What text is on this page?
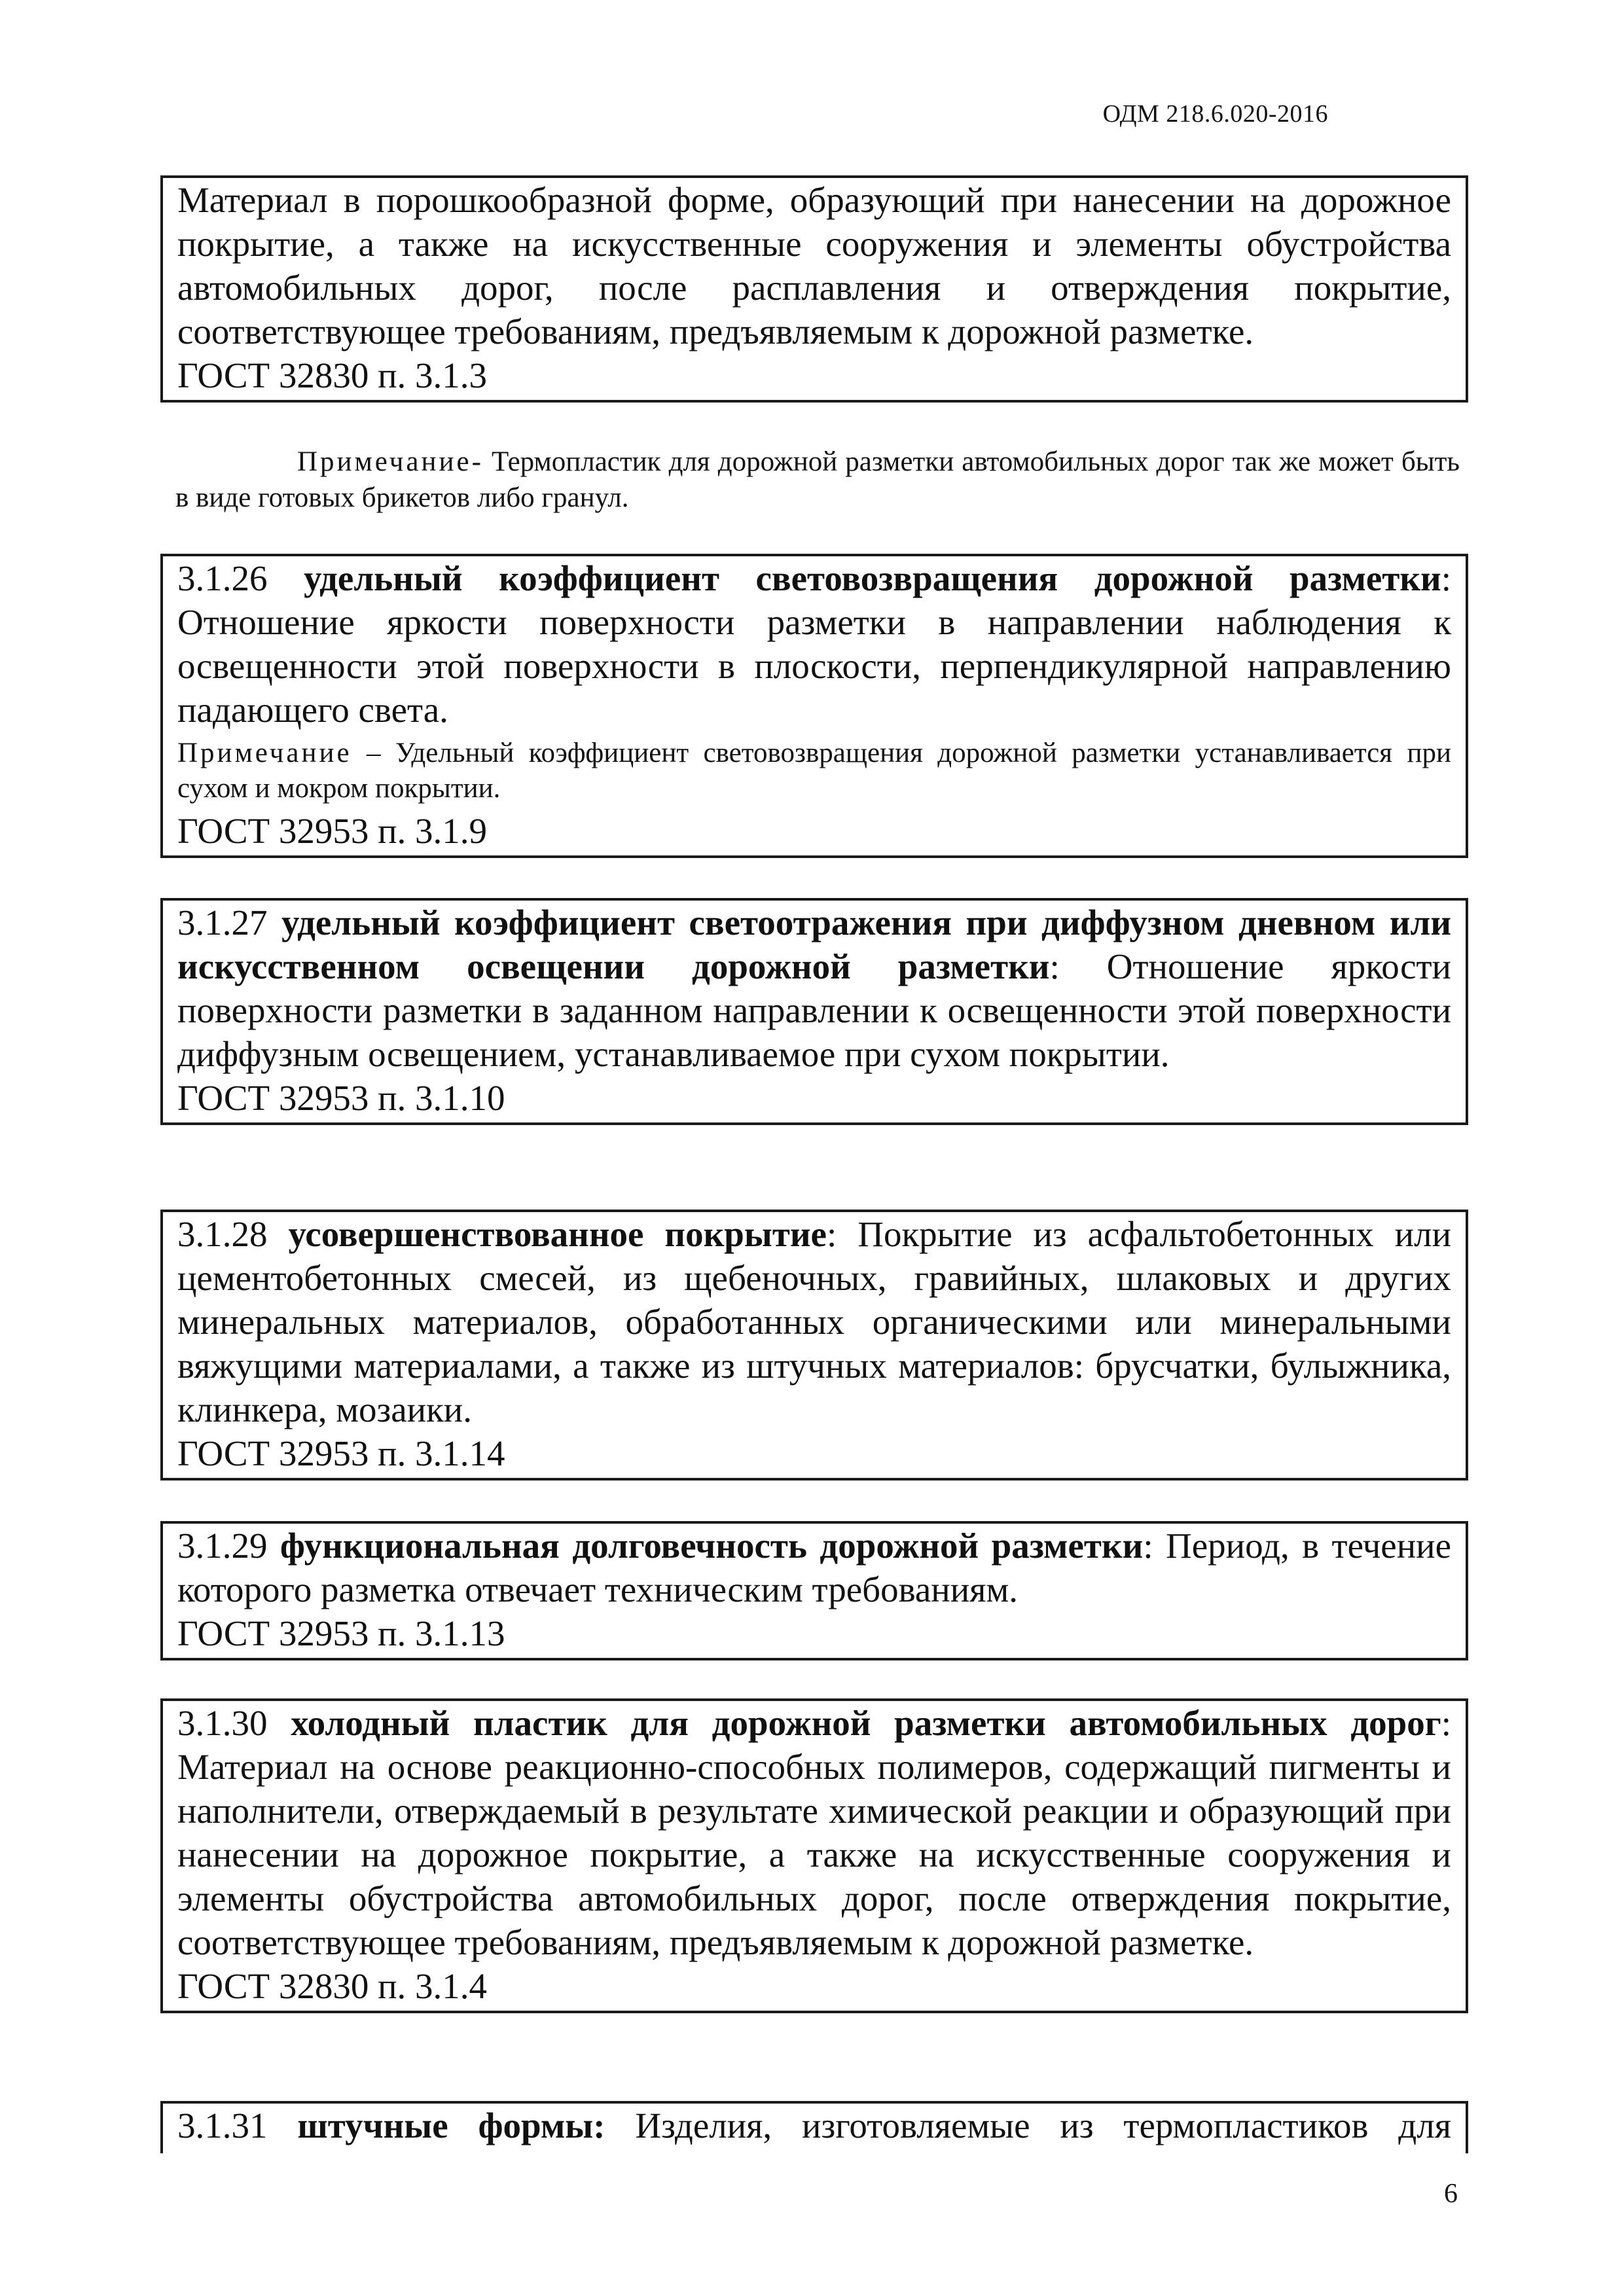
ОДМ 218.6.020-2016

Материал в порошкообразной форме, образующий при нанесении на дорожное покрытие, а также на искусственные сооружения и элементы обустройства автомобильных дорог, после расплавления и отверждения покрытие, соответствующее требованиям, предъявляемым к дорожной разметке.

ГОСТ 32830 п. 3.1.3

Примечание- Термопластик для дорожной разметки автомобильных дорог так же может быть в виде готовых брикетов либо гранул.

3.1.26 удельный коэффициент световозвращения дорожной разметки: Отношение яркости поверхности разметки в направлении наблюдения к освещенности этой поверхности в плоскости, перпендикулярной направлению падающего света.

Примечание – Удельный коэффициент световозвращения дорожной разметки устанавливается при сухом и мокром покрытии.

ГОСТ 32953 п. 3.1.9

3.1.27 удельный коэффициент светоотражения при диффузном дневном или искусственном освещении дорожной разметки: Отношение яркости поверхности разметки в заданном направлении к освещенности этой поверхности диффузным освещением, устанавливаемое при сухом покрытии.

ГОСТ 32953 п. 3.1.10

3.1.28 усовершенствованное покрытие: Покрытие из асфальтобетонных или цементобетонных смесей, из щебеночных, гравийных, шлаковых и других минеральных материалов, обработанных органическими или минеральными вяжущими материалами, а также из штучных материалов: брусчатки, булыжника, клинкера, мозаики.

ГОСТ 32953 п. 3.1.14

3.1.29 функциональная долговечность дорожной разметки: Период, в течение которого разметка отвечает техническим требованиям.

ГОСТ 32953 п. 3.1.13

3.1.30 холодный пластик для дорожной разметки автомобильных дорог: Материал на основе реакционно-способных полимеров, содержащий пигменты и наполнители, отверждаемый в результате химической реакции и образующий при нанесении на дорожное покрытие, а также на искусственные сооружения и элементы обустройства автомобильных дорог, после отверждения покрытие, соответствующее требованиям, предъявляемым к дорожной разметке.

ГОСТ 32830 п. 3.1.4

3.1.31 штучные формы: Изделия, изготовляемые из термопластиков для

6
